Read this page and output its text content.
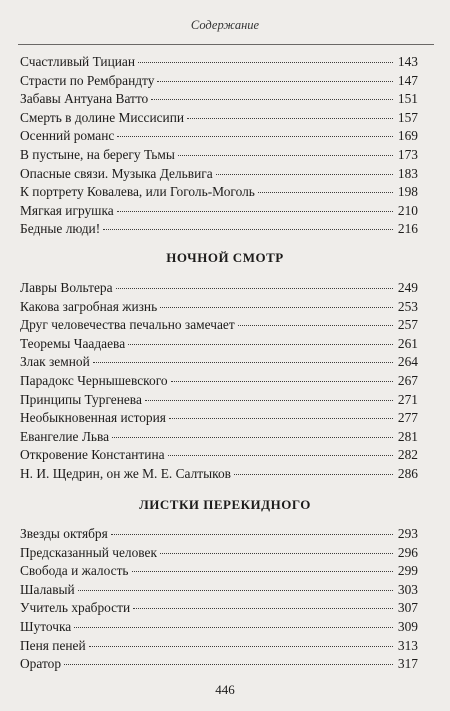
Содержание
Счастливый Тициан	143
Страсти по Рембрандту	147
Забавы Антуана Ватто	151
Смерть в долине Миссисипи	157
Осенний романс	169
В пустыне, на берегу Тьмы	173
Опасные связи. Музыка Дельвига	183
К портрету Ковалева, или Гоголь-Моголь	198
Мягкая игрушка	210
Бедные люди!	216
НОЧНОЙ СМОТР
Лавры Вольтера	249
Какова загробная жизнь	253
Друг человечества печально замечает	257
Теоремы Чаадаева	261
Злак земной	264
Парадокс Чернышевского	267
Принципы Тургенева	271
Необыкновенная история	277
Евангелие Льва	281
Откровение Константина	282
Н. И. Щедрин, он же М. Е. Салтыков	286
ЛИСТКИ ПЕРЕКИДНОГО
Звезды октября	293
Предсказанный человек	296
Свобода и жалость	299
Шалавый	303
Учитель храбрости	307
Шуточка	309
Пеня пеней	313
Оратор	317
446
